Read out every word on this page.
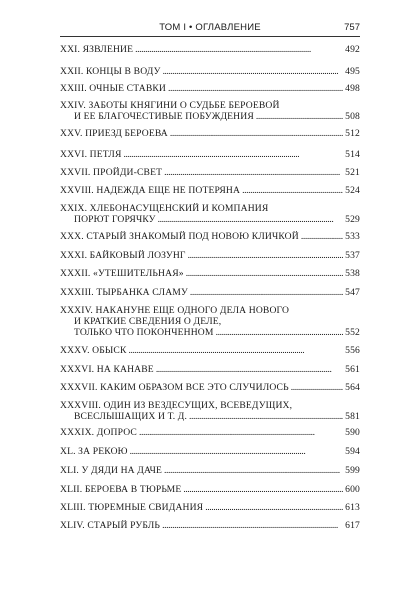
ТОМ I • ОГЛАВЛЕНИЕ	757
XXI. ЯЗВЛЕНИЕ . . .	492
XXII. КОНЦЫ В ВОДУ . . .	495
XXIII. ОЧНЫЕ СТАВКИ . . .	498
XXIV. ЗАБОТЫ КНЯГИНИ О СУДЬБЕ БЕРОЕВОЙ
И ЕЕ БЛАГОЧЕСТИВЫЕ ПОБУЖДЕНИЯ . . .	508
XXV. ПРИЕЗД БЕРОЕВА . . .	512
XXVI. ПЕТЛЯ . . .	514
XXVII. ПРОЙДИ-СВЕТ . . .	521
XXVIII. НАДЕЖДА ЕЩЕ НЕ ПОТЕРЯНА . . .	524
XXIX. ХЛЕБОНАСУЩЕНСКИЙ И КОМПАНИЯ
ПОРЮТ ГОРЯЧКУ . . .	529
XXX. СТАРЫЙ ЗНАКОМЫЙ ПОД НОВОЮ КЛИЧКОЙ . . .	533
XXXI. БАЙКОВЫЙ ЛОЗУНГ . . .	537
XXXII. «УТЕШИТЕЛЬНАЯ» . . .	538
XXXIII. ТЫРБАНКА СЛАМУ . . .	547
XXXIV. НАКАНУНЕ ЕЩЕ ОДНОГО ДЕЛА НОВОГО
И КРАТКИЕ СВЕДЕНИЯ О ДЕЛЕ,
ТОЛЬКО ЧТО ПОКОНЧЕННОМ . . .	552
XXXV. ОБЫСК . . .	556
XXXVI. НА КАНАВЕ . . .	561
XXXVII. КАКИМ ОБРАЗОМ ВСЕ ЭТО СЛУЧИЛОСЬ . . .	564
XXXVIII. ОДИН ИЗ ВЕЗДЕСУЩИХ, ВСЕВЕДУЩИХ,
ВСЕСЛЫШАЩИХ И Т. Д. . . .	581
XXXIX. ДОПРОС . . .	590
XL. ЗА РЕКОЮ . . .	594
XLI. У ДЯДИ НА ДАЧЕ . . .	599
XLII. БЕРОЕВА В ТЮРЬМЕ . . .	600
XLIII. ТЮРЕМНЫЕ СВИДАНИЯ . . .	613
XLIV. СТАРЫЙ РУБЛЬ . . .	617
